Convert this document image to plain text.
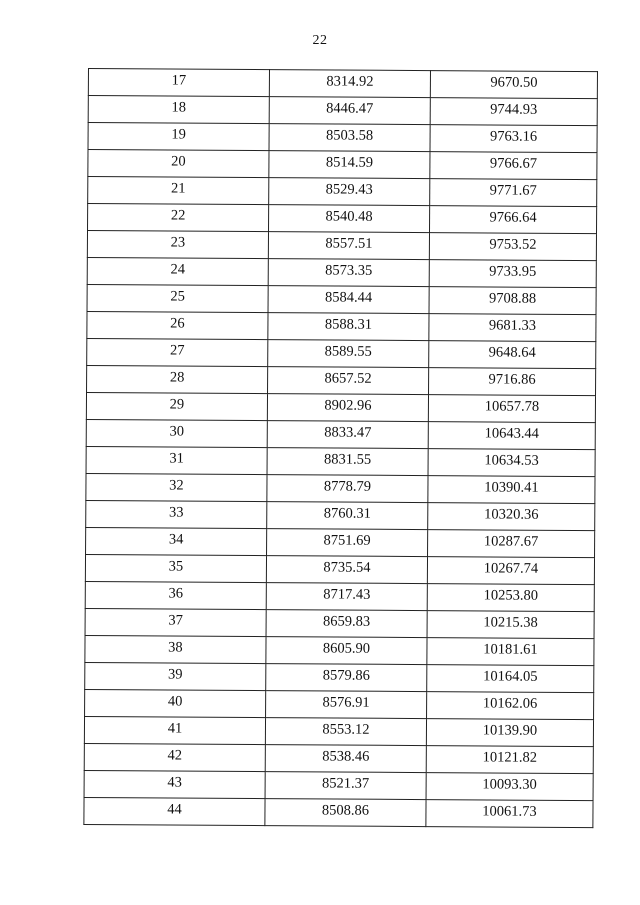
22
17	8314.92	9670.50
18	8446.47	9744.93
19	8503.58	9763.16
20	8514.59	9766.67
21	8529.43	9771.67
22	8540.48	9766.64
23	8557.51	9753.52
24	8573.35	9733.95
25	8584.44	9708.88
26	8588.31	9681.33
27	8589.55	9648.64
28	8657.52	9716.86
29	8902.96	10657.78
30	8833.47	10643.44
31	8831.55	10634.53
32	8778.79	10390.41
33	8760.31	10320.36
34	8751.69	10287.67
35	8735.54	10267.74
36	8717.43	10253.80
37	8659.83	10215.38
38	8605.90	10181.61
39	8579.86	10164.05
40	8576.91	10162.06
41	8553.12	10139.90
42	8538.46	10121.82
43	8521.37	10093.30
44	8508.86	10061.73
